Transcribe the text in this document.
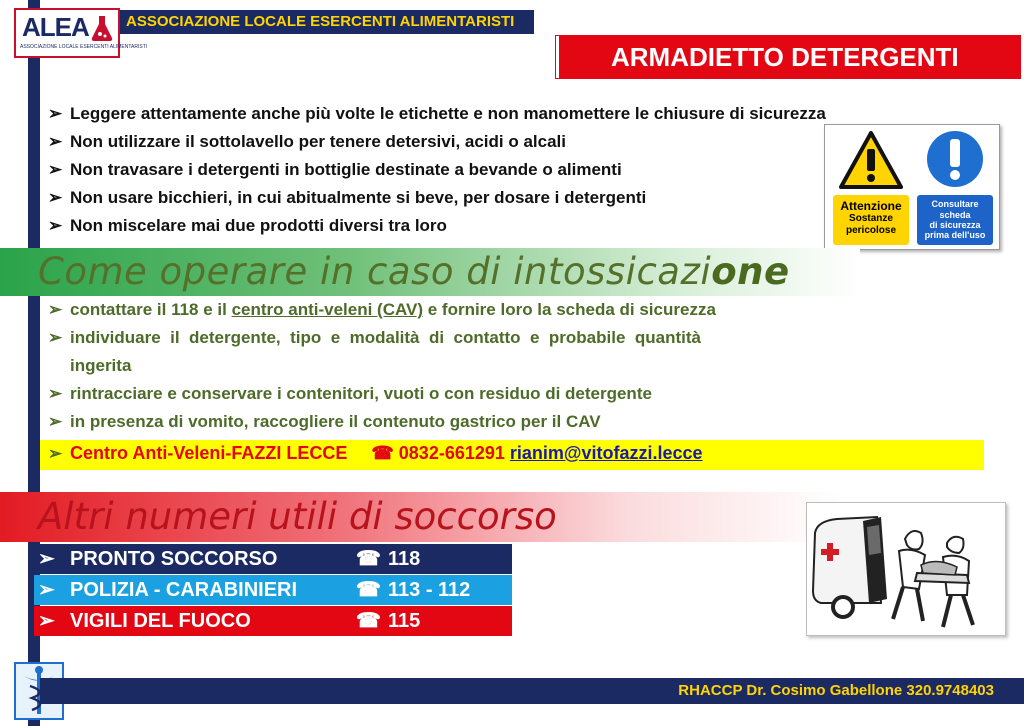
ALEA
ASSOCIAZIONE LOCALE ESERCENTI ALIMENTARISTI
ASSOCIAZIONE LOCALE ESERCENTI ALIMENTARISTI
ARMADIETTO DETERGENTI
➢ Leggere attentamente anche più volte le etichette e non manomettere le chiusure di sicurezza
➢ Non utilizzare il sottolavello per tenere detersivi, acidi o alcali
➢ Non travasare i detergenti in bottiglie destinate a bevande o alimenti
➢ Non usare bicchieri, in cui abitualmente si beve, per dosare i detergenti
➢ Non miscelare mai due prodotti diversi tra loro
Attenzione
Sostanze
pericolose
Consultare
scheda
di sicurezza
prima dell'uso
Come operare in caso di intossicazione
➢ contattare il 118 e il centro anti-veleni (CAV) e fornire loro la scheda di sicurezza
➢ individuare  il  detergente,  tipo  e  modalità  di  contatto  e  probabile  quantità
ingerita
➢ rintracciare e conservare i contenitori, vuoti o con residuo di detergente
➢ in presenza di vomito, raccogliere il contenuto gastrico per il CAV
➢ Centro Anti-Veleni-FAZZI LECCE ☎ 0832-661291 rianim@vitofazzi.lecce
Altri numeri utili di soccorso
➢ PRONTO SOCCORSO	☎ 118
➢ POLIZIA - CARABINIERI	☎ 113 - 112
➢ VIGILI DEL FUOCO	☎ 115
RHACCP Dr. Cosimo Gabellone 320.9748403
